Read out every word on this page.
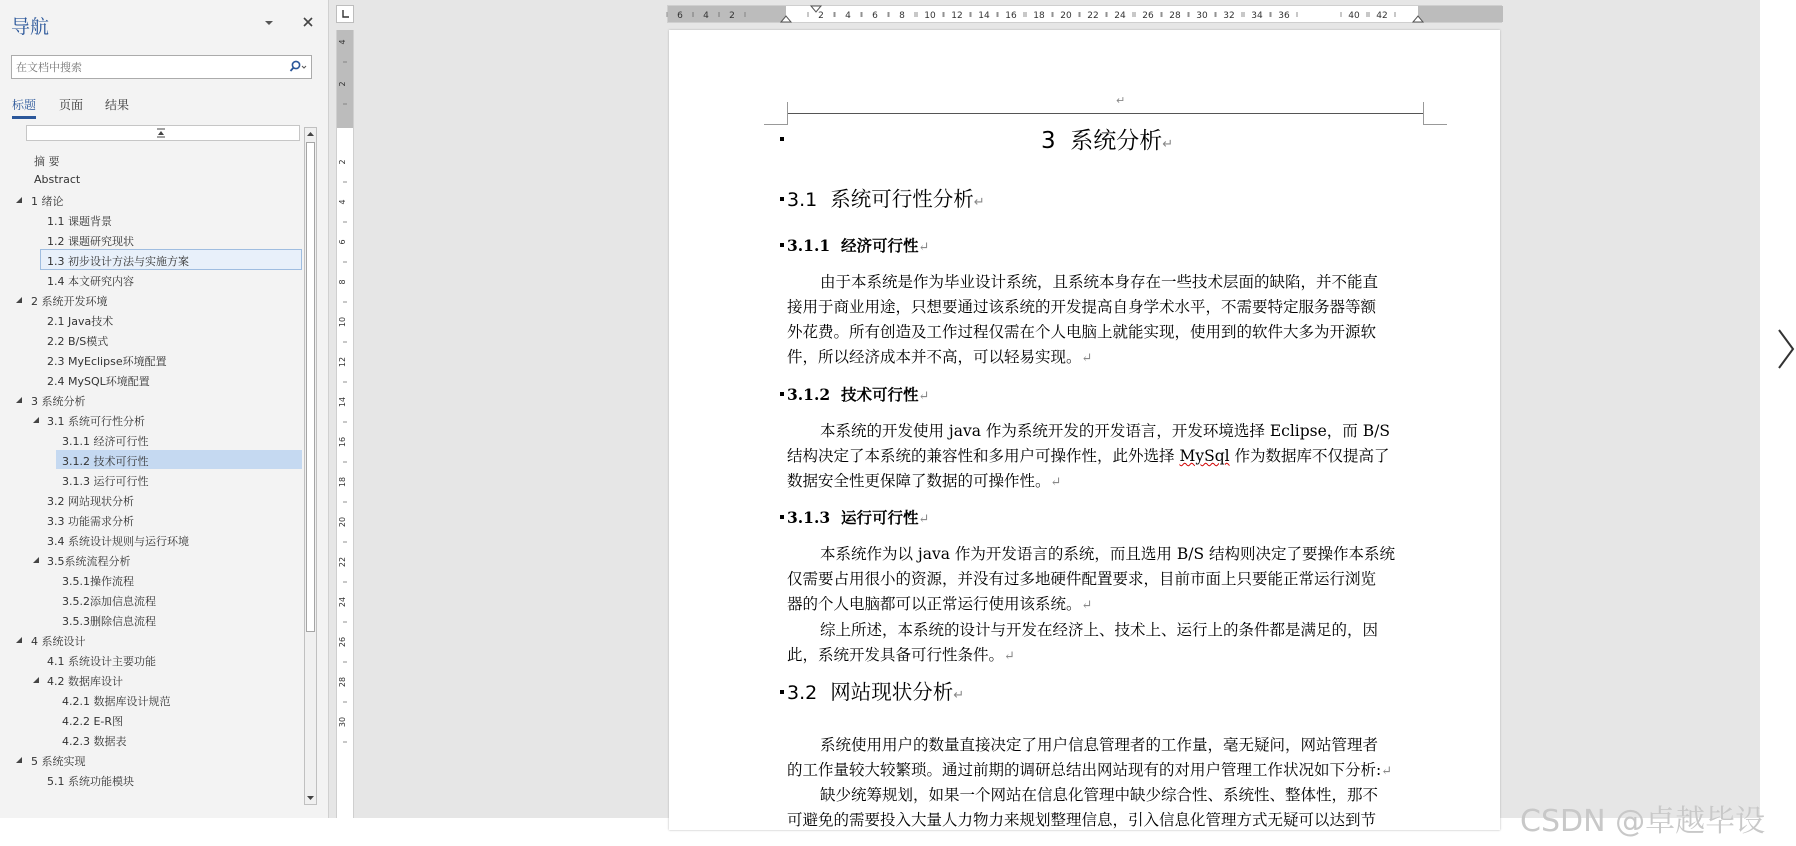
导航
在文档中搜索
标题 页面 结果
摘 要
Abstract
1 绪论
1.1 课题背景
1.2 课题研究现状
1.3 初步设计方法与实施方案
1.4 本文研究内容
2 系统开发环境
2.1 Java技术
2.2 B/S模式
2.3 MyEclipse环境配置
2.4 MySQL环境配置
3 系统分析
3.1 系统可行性分析
3.1.1 经济可行性
3.1.2 技术可行性
3.1.3 运行可行性
3.2 网站现状分析
3.3 功能需求分析
3.4 系统设计规则与运行环境
3.5系统流程分析
3.5.1操作流程
3.5.2添加信息流程
3.5.3删除信息流程
4 系统设计
4.1 系统设计主要功能
4.2 数据库设计
4.2.1 数据库设计规范
4.2.2 E-R图
4.2.3 数据表
5 系统实现
5.1 系统功能模块
4
2
2
4
6
8
10
12
14
16
18
20
22
24
26
28
30
6 4 2	2 4 6 8 10 12 14 16 18 20 22 24 26 28 30 32 34 36	40 42
↵
3 系统分析↵
3.1 系统可行性分析↵
3.1.1 经济可行性↵
由于本系统是作为毕业设计系统，且系统本身存在一些技术层面的缺陷，并不能直
接用于商业用途，只想要通过该系统的开发提高自身学术水平，不需要特定服务器等额
外花费。所有创造及工作过程仅需在个人电脑上就能实现，使用到的软件大多为开源软
件，所以经济成本并不高，可以轻易实现。↵
3.1.2 技术可行性↵
本系统的开发使用 java 作为系统开发的开发语言，开发环境选择 Eclipse，而 B/S
结构决定了本系统的兼容性和多用户可操作性，此外选择 MySql 作为数据库不仅提高了
数据安全性更保障了数据的可操作性。↵
3.1.3 运行可行性↵
本系统作为以 java 作为开发语言的系统，而且选用 B/S 结构则决定了要操作本系统
仅需要占用很小的资源，并没有过多地硬件配置要求，目前市面上只要能正常运行浏览
器的个人电脑都可以正常运行使用该系统。↵
综上所述，本系统的设计与开发在经济上、技术上、运行上的条件都是满足的，因
此，系统开发具备可行性条件。↵
3.2 网站现状分析↵
系统使用用户的数量直接决定了用户信息管理者的工作量，毫无疑问，网站管理者
的工作量较大较繁琐。通过前期的调研总结出网站现有的对用户管理工作状况如下分析:↵
缺少统筹规划，如果一个网站在信息化管理中缺少综合性、系统性、整体性，那不
可避免的需要投入大量人力物力来规划整理信息，引入信息化管理方式无疑可以达到节	CSDN @卓越毕设
